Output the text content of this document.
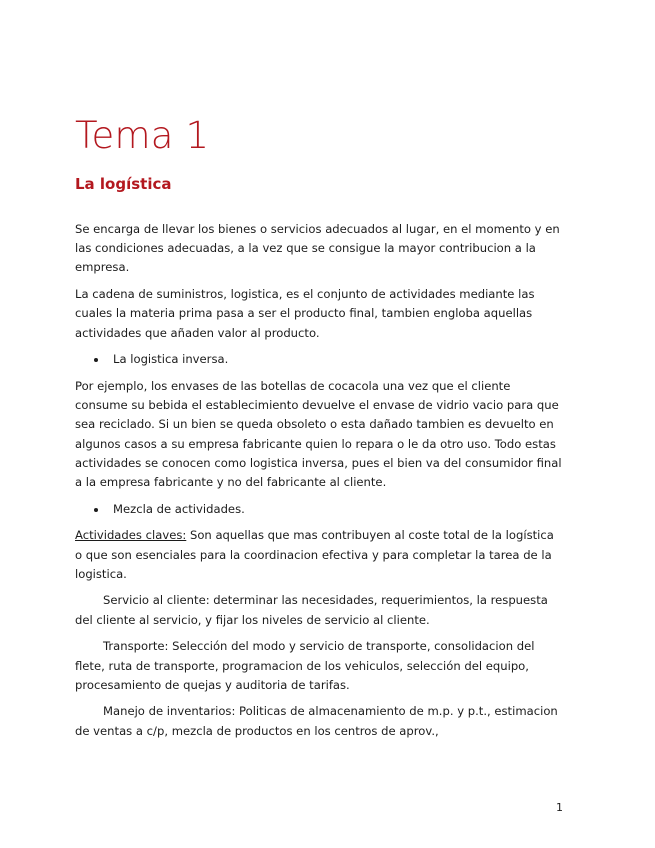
Tema 1
La logística

Se encarga de llevar los bienes o servicios adecuados al lugar, en el momento y en las condiciones adecuadas, a la vez que se consigue la mayor contribucion a la empresa.

La cadena de suministros, logistica, es el conjunto de actividades mediante las cuales la materia prima pasa a ser el producto final, tambien engloba aquellas actividades que añaden valor al producto.

La logistica inversa.

Por ejemplo, los envases de las botellas de cocacola una vez que el cliente consume su bebida el establecimiento devuelve el envase de vidrio vacio para que sea reciclado. Si un bien se queda obsoleto o esta dañado tambien es devuelto en algunos casos a su empresa fabricante quien lo repara o le da otro uso. Todo estas actividades se conocen como logistica inversa, pues el bien va del consumidor final a la empresa fabricante y no del fabricante al cliente.

Mezcla de actividades.

Actividades claves: Son aquellas que mas contribuyen al coste total de la logística o que son esenciales para la coordinacion efectiva y para completar la tarea de la logistica.

Servicio al cliente: determinar las necesidades, requerimientos, la respuesta del cliente al servicio, y fijar los niveles de servicio al cliente.

Transporte: Selección del modo y servicio de transporte, consolidacion del flete, ruta de transporte, programacion de los vehiculos, selección del equipo, procesamiento de quejas y auditoria de tarifas.

Manejo de inventarios: Politicas de almacenamiento de m.p. y p.t., estimacion de ventas a c/p, mezcla de productos en los centros de aprov.,

1
